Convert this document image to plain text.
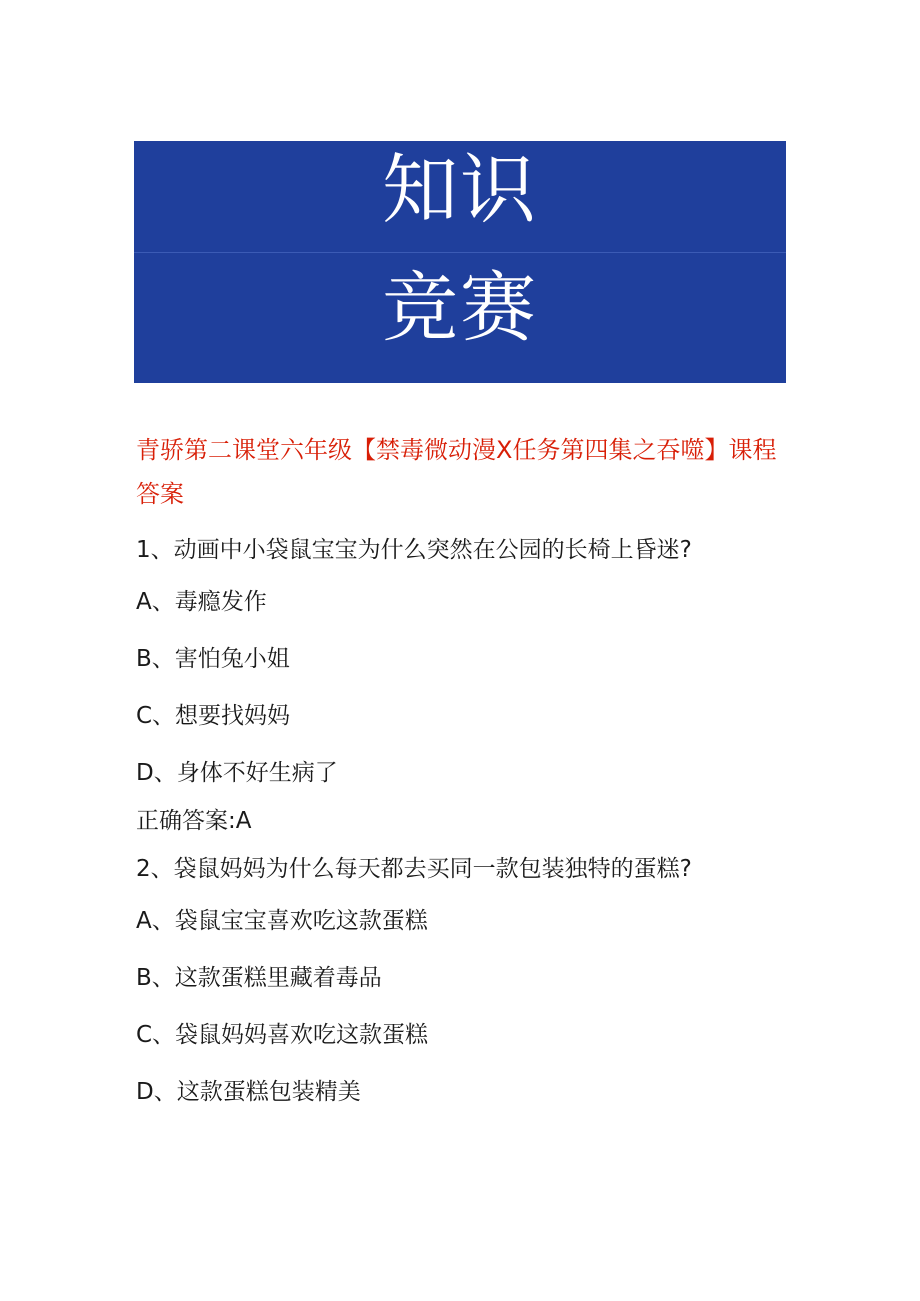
知识
竞赛
青骄第二课堂六年级【禁毒微动漫X任务第四集之吞噬】课程答案
1、动画中小袋鼠宝宝为什么突然在公园的长椅上昏迷?
A、毒瘾发作
B、害怕兔小姐
C、想要找妈妈
D、身体不好生病了
正确答案:A
2、袋鼠妈妈为什么每天都去买同一款包装独特的蛋糕?
A、袋鼠宝宝喜欢吃这款蛋糕
B、这款蛋糕里藏着毒品
C、袋鼠妈妈喜欢吃这款蛋糕
D、这款蛋糕包装精美
